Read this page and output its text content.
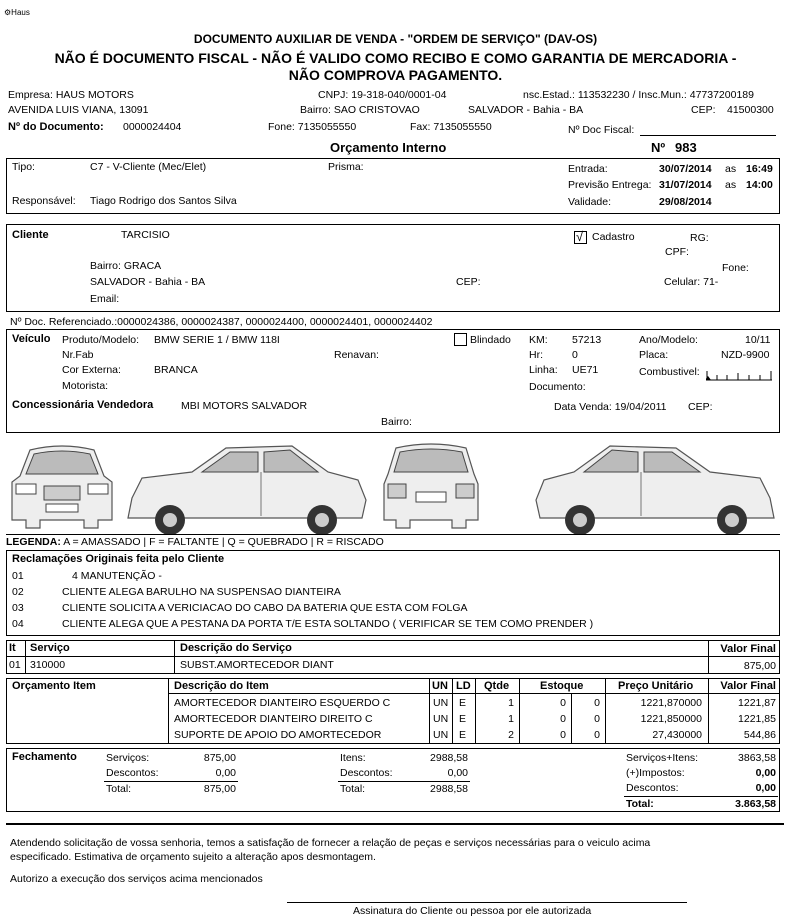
⚙Haus
DOCUMENTO AUXILIAR DE VENDA - "ORDEM DE SERVIÇO" (DAV-OS)
NÃO É DOCUMENTO FISCAL - NÃO É VALIDO COMO RECIBO E COMO GARANTIA DE MERCADORIA -
NÃO COMPROVA PAGAMENTO.
Empresa: HAUS MOTORS	CNPJ: 19-318-040/0001-04	nsc.Estad.: 113532230 / Insc.Mun.: 47737200189
AVENIDA LUIS VIANA, 13091	Bairro: SAO CRISTOVAO	SALVADOR - Bahia - BA	CEP: 41500300
Nº do Documento: 0000024404	Fone: 7135055550	Fax: 7135055550	Nº Doc Fiscal:
Orçamento Interno	Nº 983
Tipo:	C7 - V-Cliente (Mec/Elet)	Prisma:	Entrada:	30/07/2014 as 16:49
Previsão Entrega: 31/07/2014 as 14:00
Responsável: Tiago Rodrigo dos Santos Silva	Validade:	29/08/2014
Cliente	TARCISIO	√ Cadastro	RG:
CPF:
Bairro: GRACA	Fone:
SALVADOR - Bahia - BA	CEP:	Celular: 71-
Email:
Nº Doc. Referenciado.:0000024386, 0000024387, 0000024400, 0000024401, 0000024402
Veículo Produto/Modelo: BMW SERIE 1 / BMW 118I	Blindado KM: 57213	Ano/Modelo:	10/11
Nr.Fab	Renavan:	Hr:	0	Placa:	NZD-9900
Cor Externa:	BRANCA	Linha: UE71	Combustivel:
Motorista:	Documento:
Concessionária Vendedora	MBI MOTORS SALVADOR	Data Venda: 19/04/2011 CEP:
Bairro:
LEGENDA: A = AMASSADO | F = FALTANTE | Q = QUEBRADO | R = RISCADO
Reclamações Originais feita pelo Cliente
01	4 MANUTENÇÃO -
02	CLIENTE ALEGA BARULHO NA SUSPENSAO DIANTEIRA
03	CLIENTE SOLICITA A VERICIACAO DO CABO DA BATERIA QUE ESTA COM FOLGA
04	CLIENTE ALEGA QUE A PESTANA DA PORTA T/E ESTA SOLTANDO ( VERIFICAR SE TEM COMO PRENDER )
It Serviço	Descrição do Serviço	Valor Final
01 310000	SUBST.AMORTECEDOR DIANT	875,00
Orçamento Item	Descrição do Item	UN LD Qtde	Estoque	Preço Unitário	Valor Final
AMORTECEDOR DIANTEIRO ESQUERDO C	UN E	1	0	0	1221,870000	1221,87
AMORTECEDOR DIANTEIRO DIREITO C	UN E	1	0	0	1221,850000	1221,85
SUPORTE DE APOIO DO AMORTECEDOR	UN E	2	0	0	27,430000	544,86
Fechamento	Serviços:	875,00
Descontos:	0,00
Total:	875,00
Itens:	2988,58
Descontos:	0,00
Total:	2988,58
Serviços+Itens:	3863,58
(+)Impostos:	0,00
Descontos:	0,00
Total:	3.863,58
Atendendo solicitação de vossa senhoria, temos a satisfação de fornecer a relação de peças e serviços necessárias para o veiculo acima
especificado. Estimativa de orçamento sujeito a alteração apos desmontagem.
Autorizo a execução dos serviços acima mencionados
Assinatura do Cliente ou pessoa por ele autorizada
